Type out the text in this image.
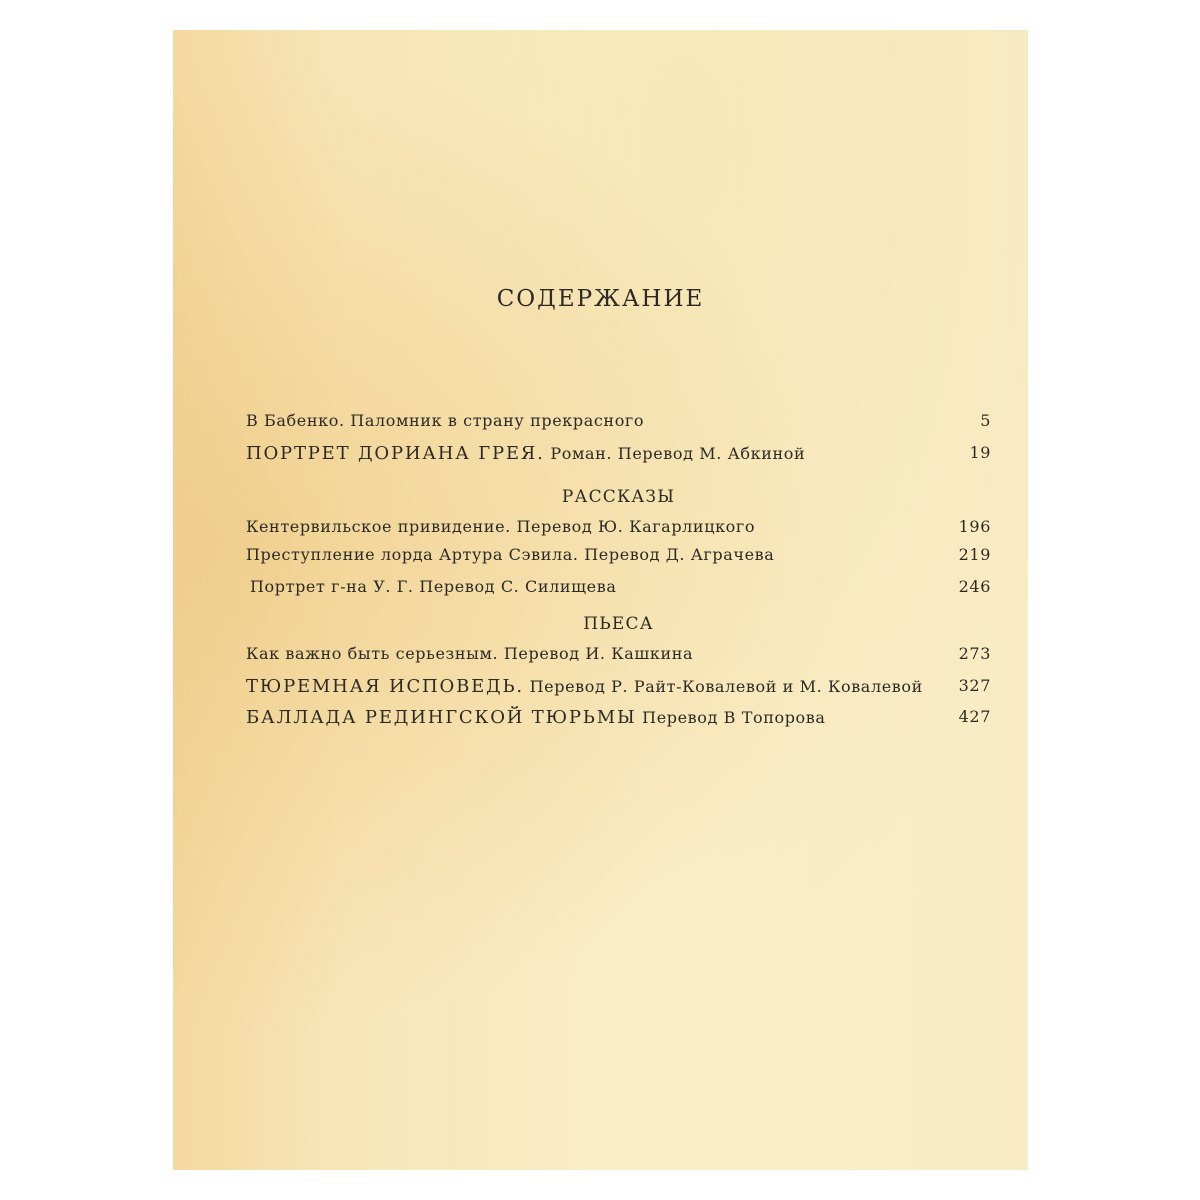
СОДЕРЖАНИЕ
В Бабенко. Паломник в страну прекрасного	5
ПОРТРЕТ ДОРИАНА ГРЕЯ. Роман. Перевод М. Абкиной	19
РАССКАЗЫ
Кентервильское привидение. Перевод Ю. Кагарлицкого	196
Преступление лорда Артура Сэвила. Перевод Д. Аграчева	219
Портрет г-на У. Г. Перевод С. Силищева	246
ПЬЕСА
Как важно быть серьезным. Перевод И. Кашкина	273
ТЮРЕМНАЯ ИСПОВЕДЬ. Перевод Р. Райт-Ковалевой и М. Ковалевой 327
БАЛЛАДА РЕДИНГСКОЙ ТЮРЬМЫ Перевод В Топорова	427
